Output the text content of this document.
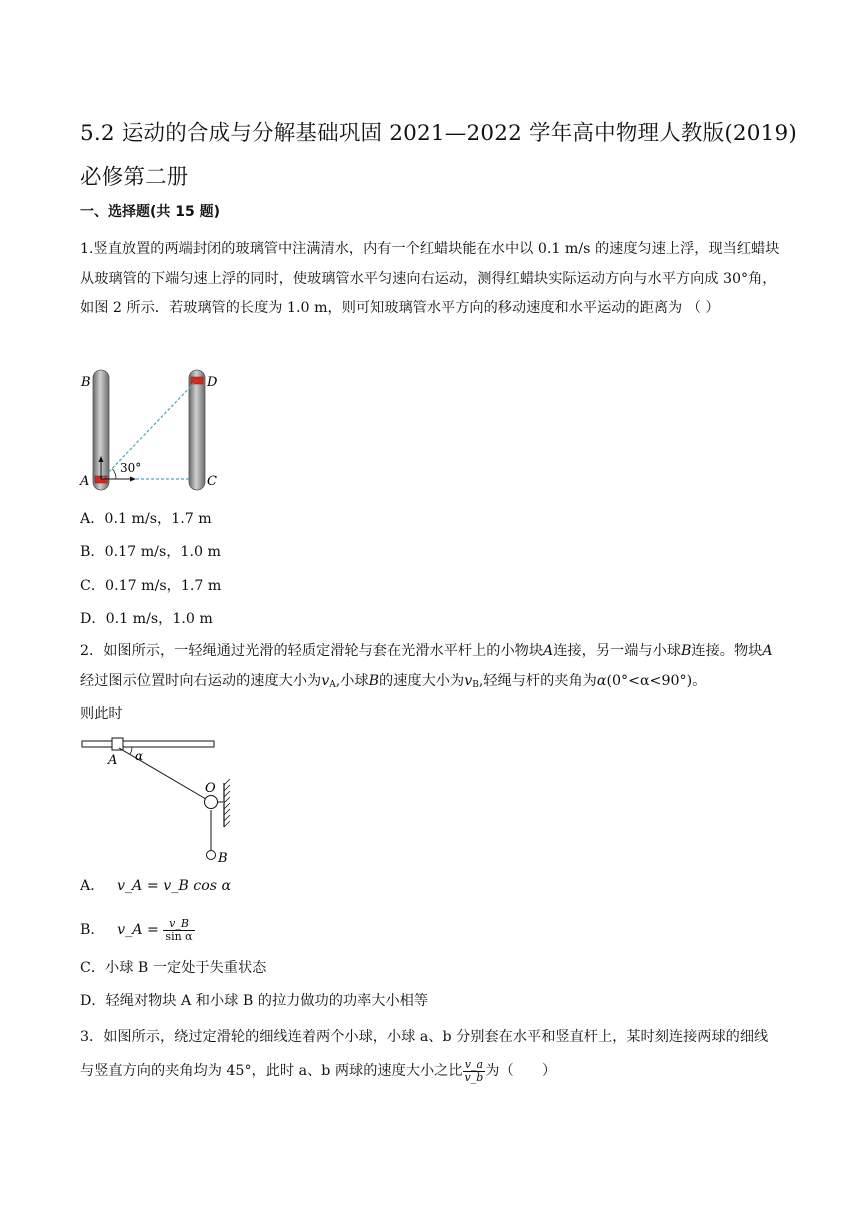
5.2 运动的合成与分解基础巩固 2021—2022 学年高中物理人教版(2019)
必修第二册
一、选择题(共 15 题)
1.竖直放置的两端封闭的玻璃管中注满清水，内有一个红蜡块能在水中以 0.1 m/s 的速度匀速上浮，现当红蜡块从玻璃管的下端匀速上浮的同时，使玻璃管水平匀速向右运动，测得红蜡块实际运动方向与水平方向成 30°角，如图 2 所示．若玻璃管的长度为 1.0 m，则可知玻璃管水平方向的移动速度和水平运动的距离为 （ ）
B	D
A	C
30°
A．0.1 m/s，1.7 m
B．0.17 m/s，1.0 m
C．0.17 m/s，1.7 m
D．0.1 m/s，1.0 m
2．如图所示，一轻绳通过光滑的轻质定滑轮与套在光滑水平杆上的小物块A连接，另一端与小球B连接。物块A经过图示位置时向右运动的速度大小为$v_A$,小球B的速度大小为$v_B$,轻绳与杆的夹角为α(0°<α<90°)。
则此时
A α
O
B
A． v_A = v_B cos α
B． v_A = $\frac{v\_B}{\text{sin α}}$
C．小球 B 一定处于失重状态
D．轻绳对物块 A 和小球 B 的拉力做功的功率大小相等
3．如图所示，绕过定滑轮的细线连着两个小球，小球 a、b 分别套在水平和竖直杆上，某时刻连接两球的细线与竖直方向的夹角均为 45°，此时 a、b 两球的速度大小之比 $\frac{v\_a}{v\_b}$ 为（　　）
